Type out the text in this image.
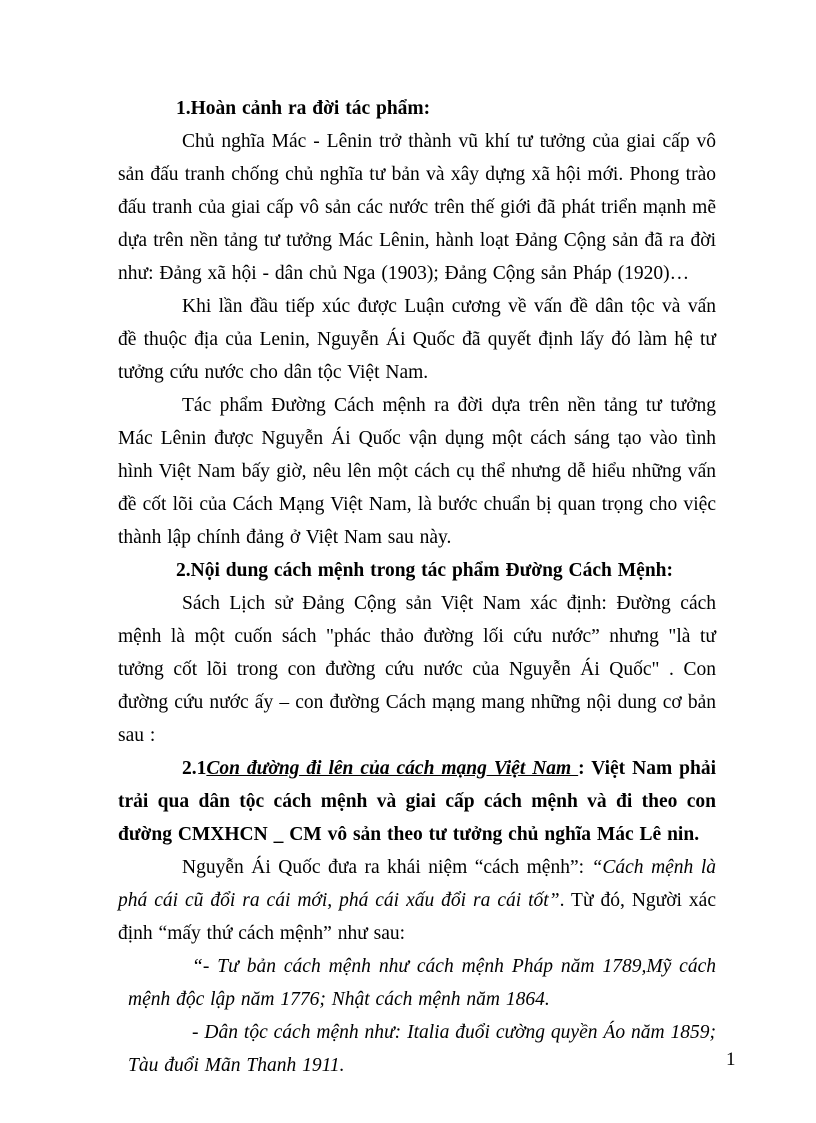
1.Hoàn cảnh ra đời tác phẩm:

Chủ nghĩa Mác - Lênin trở thành vũ khí tư tưởng của giai cấp vô sản đấu tranh chống chủ nghĩa tư bản và xây dựng xã hội mới. Phong trào đấu tranh của giai cấp vô sản các nước trên thế giới đã phát triển mạnh mẽ dựa trên nền tảng tư tưởng Mác Lênin, hành loạt Đảng Cộng sản đã ra đời như: Đảng xã hội - dân chủ Nga (1903); Đảng Cộng sản Pháp (1920)…

Khi lần đầu tiếp xúc được Luận cương về vấn đề dân tộc và vấn đề thuộc địa của Lenin, Nguyễn Ái Quốc đã quyết định lấy đó làm hệ tư tưởng cứu nước cho dân tộc Việt Nam.

Tác phẩm Đường Cách mệnh ra đời dựa trên nền tảng tư tưởng Mác Lênin được Nguyễn Ái Quốc vận dụng một cách sáng tạo vào tình hình Việt Nam bấy giờ, nêu lên một cách cụ thể nhưng dễ hiểu những vấn đề cốt lõi của Cách Mạng Việt Nam, là bước chuẩn bị quan trọng cho việc thành lập chính đảng ở Việt Nam sau này.

2.Nội dung cách mệnh trong tác phẩm Đường Cách Mệnh:

Sách Lịch sử Đảng Cộng sản Việt Nam xác định: Đường cách mệnh là một cuốn sách "phác thảo đường lối cứu nước” nhưng "là tư tưởng cốt lõi trong con đường cứu nước của Nguyễn Ái Quốc" . Con đường cứu nước ấy – con đường Cách mạng mang những nội dung cơ bản sau :

2.1Con đường đi lên của cách mạng Việt Nam : Việt Nam phải trải qua dân tộc cách mệnh và giai cấp cách mệnh và đi theo con đường CMXHCN _ CM vô sản theo tư tưởng chủ nghĩa Mác Lê nin.

Nguyễn Ái Quốc đưa ra khái niệm “cách mệnh”: “Cách mệnh là phá cái cũ đổi ra cái mới, phá cái xấu đổi ra cái tốt”. Từ đó, Người xác định “mấy thứ cách mệnh” như sau:

“- Tư bản cách mệnh như cách mệnh Pháp năm 1789,Mỹ cách mệnh độc lập năm 1776; Nhật cách mệnh năm 1864.

- Dân tộc cách mệnh như: Italia đuổi cường quyền Áo năm 1859; Tàu đuổi Mãn Thanh 1911.	1
